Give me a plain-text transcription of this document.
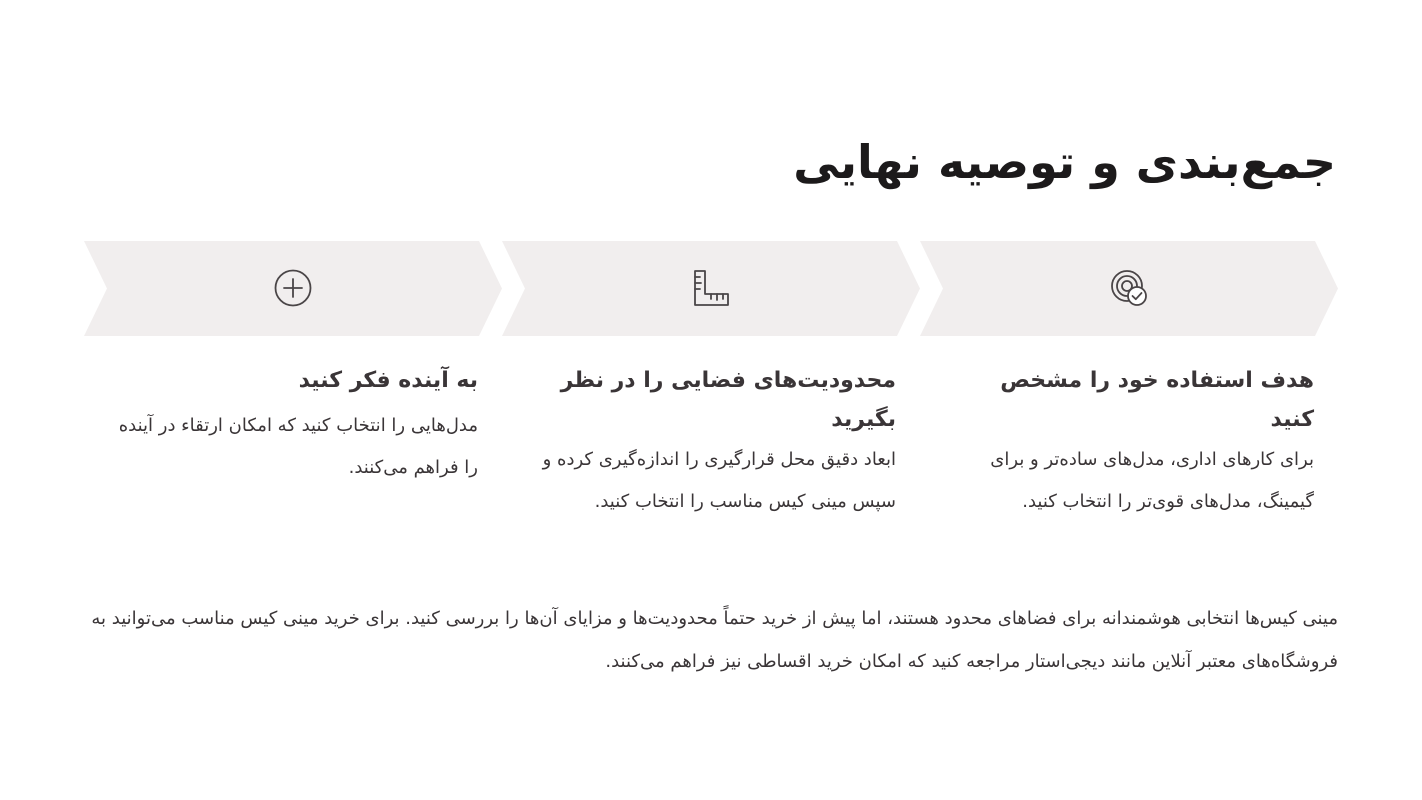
جمع‌بندی و توصیه نهایی
هدف استفاده خود را مشخص کنید

برای کارهای اداری، مدل‌های ساده‌تر و برای گیمینگ، مدل‌های قوی‌تر را انتخاب کنید.

محدودیت‌های فضایی را در نظر بگیرید

ابعاد دقیق محل قرارگیری را اندازه‌گیری کرده و سپس مینی کیس مناسب را انتخاب کنید.

به آینده فکر کنید

مدل‌هایی را انتخاب کنید که امکان ارتقاء در آینده را فراهم می‌کنند.

مینی کیس‌ها انتخابی هوشمندانه برای فضاهای محدود هستند، اما پیش از خرید حتماً محدودیت‌ها و مزایای آن‌ها را بررسی کنید. برای خرید مینی کیس مناسب می‌توانید به فروشگاه‌های معتبر آنلاین مانند دیجی‌استار مراجعه کنید که امکان خرید اقساطی نیز فراهم می‌کنند.
